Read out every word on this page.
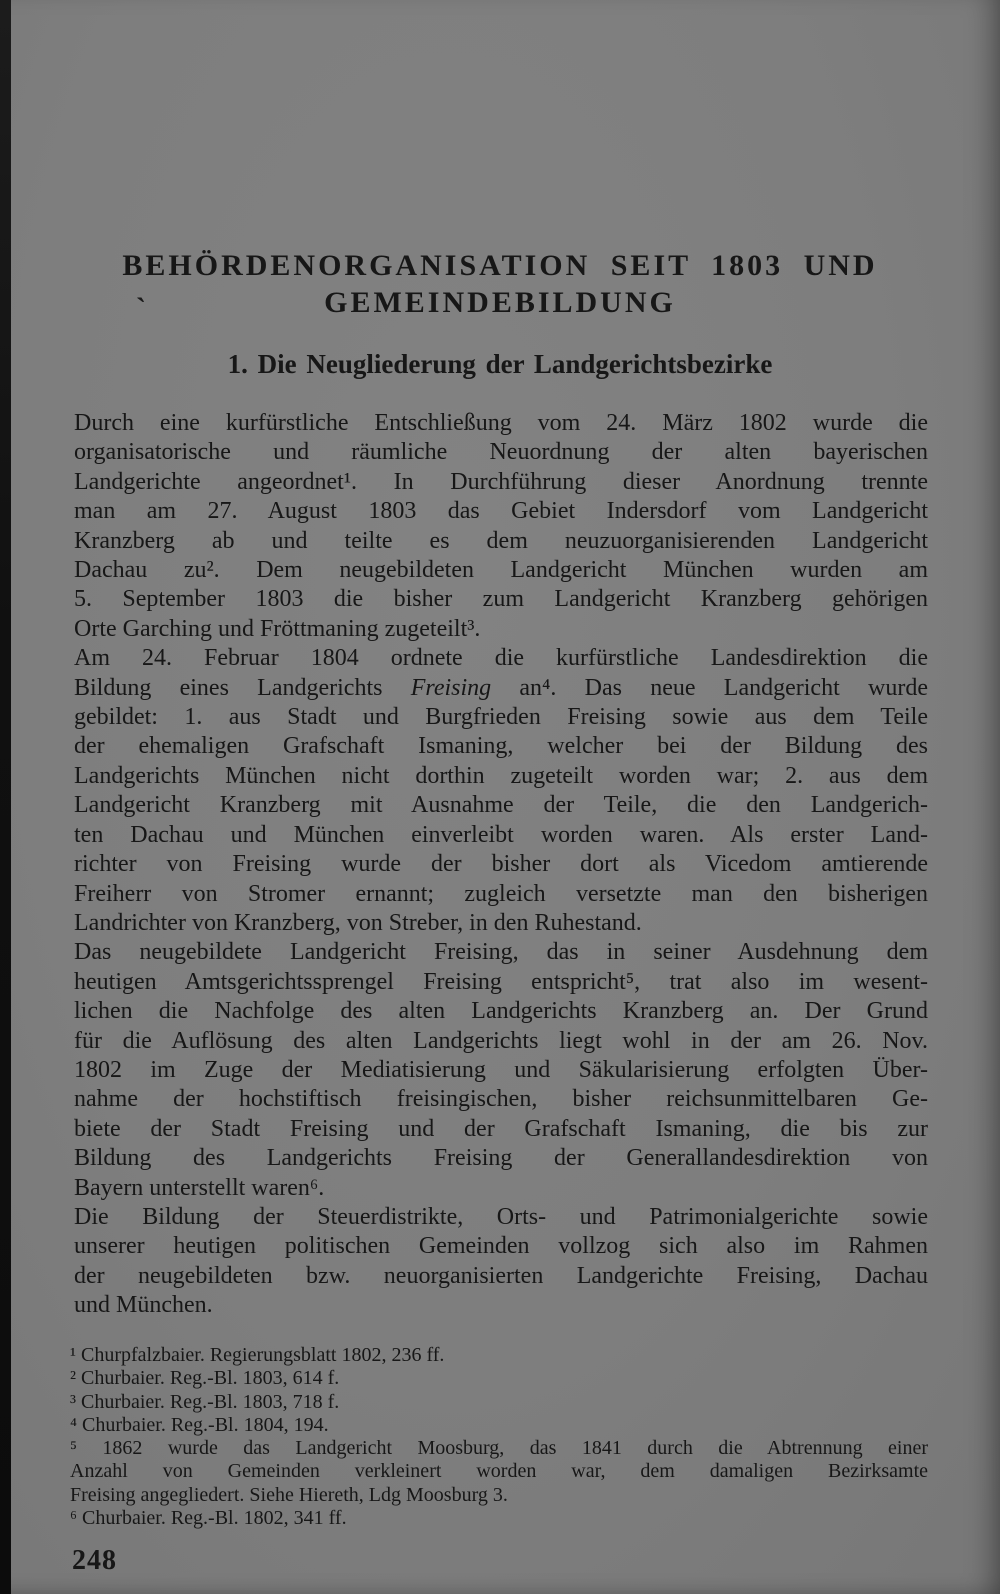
BEHÖRDENORGANISATION SEIT 1803 UND
GEMEINDEBILDUNG
ˋ
1. Die Neugliederung der Landgerichtsbezirke
Durch eine kurfürstliche Entschließung vom 24. März 1802 wurde die
organisatorische und räumliche Neuordnung der alten bayerischen
Landgerichte angeordnet¹. In Durchführung dieser Anordnung trennte
man am 27. August 1803 das Gebiet Indersdorf vom Landgericht
Kranzberg ab und teilte es dem neuzuorganisierenden Landgericht
Dachau zu². Dem neugebildeten Landgericht München wurden am
5. September 1803 die bisher zum Landgericht Kranzberg gehörigen
Orte Garching und Fröttmaning zugeteilt³.
Am 24. Februar 1804 ordnete die kurfürstliche Landesdirektion die
Bildung eines Landgerichts Freising an⁴. Das neue Landgericht wurde
gebildet: 1. aus Stadt und Burgfrieden Freising sowie aus dem Teile
der ehemaligen Grafschaft Ismaning, welcher bei der Bildung des
Landgerichts München nicht dorthin zugeteilt worden war; 2. aus dem
Landgericht Kranzberg mit Ausnahme der Teile, die den Landgerich-
ten Dachau und München einverleibt worden waren. Als erster Land-
richter von Freising wurde der bisher dort als Vicedom amtierende
Freiherr von Stromer ernannt; zugleich versetzte man den bisherigen
Landrichter von Kranzberg, von Streber, in den Ruhestand.
Das neugebildete Landgericht Freising, das in seiner Ausdehnung dem
heutigen Amtsgerichtssprengel Freising entspricht⁵, trat also im wesent-
lichen die Nachfolge des alten Landgerichts Kranzberg an. Der Grund
für die Auflösung des alten Landgerichts liegt wohl in der am 26. Nov.
1802 im Zuge der Mediatisierung und Säkularisierung erfolgten Über-
nahme der hochstiftisch freisingischen, bisher reichsunmittelbaren Ge-
biete der Stadt Freising und der Grafschaft Ismaning, die bis zur
Bildung des Landgerichts Freising der Generallandesdirektion von
Bayern unterstellt waren⁶.
Die Bildung der Steuerdistrikte, Orts- und Patrimonialgerichte sowie
unserer heutigen politischen Gemeinden vollzog sich also im Rahmen
der neugebildeten bzw. neuorganisierten Landgerichte Freising, Dachau
und München.
¹ Churpfalzbaier. Regierungsblatt 1802, 236 ff.
² Churbaier. Reg.-Bl. 1803, 614 f.
³ Churbaier. Reg.-Bl. 1803, 718 f.
⁴ Churbaier. Reg.-Bl. 1804, 194.
⁵ 1862 wurde das Landgericht Moosburg, das 1841 durch die Abtrennung einer
Anzahl von Gemeinden verkleinert worden war, dem damaligen Bezirksamte
Freising angegliedert. Siehe Hiereth, Ldg Moosburg 3.
⁶ Churbaier. Reg.-Bl. 1802, 341 ff.
248
